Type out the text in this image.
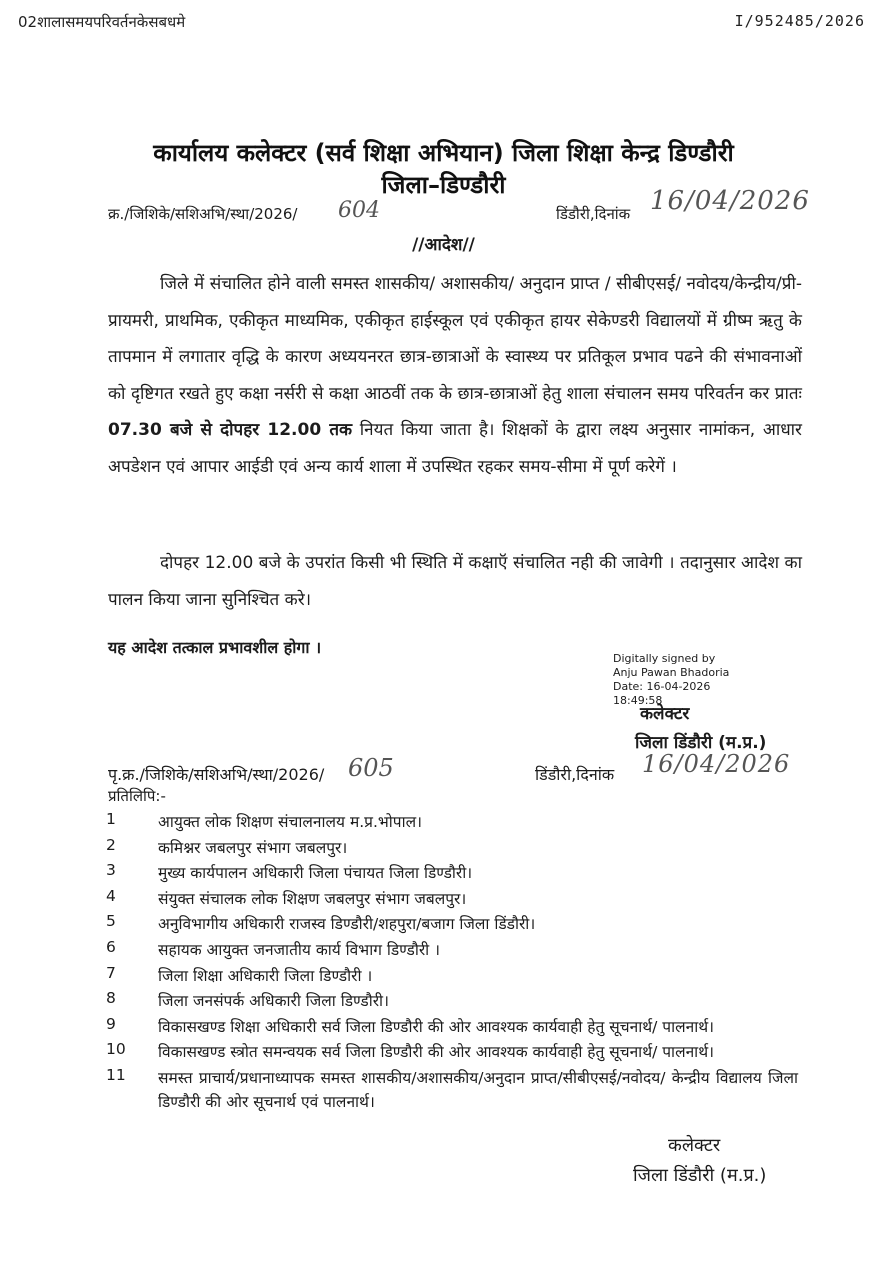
02शालासमयपरिवर्तनकेसबधमे	I/952485/2026
कार्यालय कलेक्टर (सर्व शिक्षा अभियान) जिला शिक्षा केन्द्र डिण्डौरी
जिला–डिण्डौरी
क्र./जिशिके/सशिअभि/स्था/2026/ 604	डिंडौरी,दिनांक 16/04/2026
//आदेश//
जिले में संचालित होने वाली समस्त शासकीय/ अशासकीय/ अनुदान प्राप्त / सीबीएसई/ नवोदय/केन्द्रीय/प्री-प्रायमरी, प्राथमिक, एकीकृत माध्यमिक, एकीकृत हाईस्कूल एवं एकीकृत हायर सेकेण्डरी विद्यालयों में ग्रीष्म ऋतु के तापमान में लगातार वृद्धि के कारण अध्ययनरत छात्र-छात्राओं के स्वास्थ्य पर प्रतिकूल प्रभाव पढने की संभावनाओं को दृष्टिगत रखते हुए कक्षा नर्सरी से कक्षा आठवीं तक के छात्र-छात्राओं हेतु शाला संचालन समय परिवर्तन कर प्रातः 07.30 बजे से दोपहर 12.00 तक नियत किया जाता है। शिक्षकों के द्वारा लक्ष्य अनुसार नामांकन, आधार अपडेशन एवं आपार आईडी एवं अन्य कार्य शाला में उपस्थित रहकर समय-सीमा में पूर्ण करेगें ।
दोपहर 12.00 बजे के उपरांत किसी भी स्थिति में कक्षाऍ संचालित नही की जावेगी । तदानुसार आदेश का पालन किया जाना सुनिश्चित करे।
यह आदेश तत्काल प्रभावशील होगा ।
Digitally signed by
Anju Pawan Bhadoria
Date: 16-04-2026
18:49:58
कलेक्टर
जिला डिंडौरी (म.प्र.)
पृ.क्र./जिशिके/सशिअभि/स्था/2026/ 605	डिंडौरी,दिनांक 16/04/2026
प्रतिलिपि:-
1	आयुक्त लोक शिक्षण संचालनालय म.प्र.भोपाल।
2	कमिश्नर जबलपुर संभाग जबलपुर।
3	मुख्य कार्यपालन अधिकारी जिला पंचायत जिला डिण्डौरी।
4	संयुक्त संचालक लोक शिक्षण जबलपुर संभाग जबलपुर।
5	अनुविभागीय अधिकारी राजस्व डिण्डौरी/शहपुरा/बजाग जिला डिंडौरी।
6	सहायक आयुक्त जनजातीय कार्य विभाग डिण्डौरी ।
7	जिला शिक्षा अधिकारी जिला डिण्डौरी ।
8	जिला जनसंपर्क अधिकारी जिला डिण्डौरी।
9	विकासखण्ड शिक्षा अधिकारी सर्व जिला डिण्डौरी की ओर आवश्यक कार्यवाही हेतु सूचनार्थ/ पालनार्थ।
10 विकासखण्ड स्त्रोत समन्वयक सर्व जिला डिण्डौरी की ओर आवश्यक कार्यवाही हेतु सूचनार्थ/ पालनार्थ।
11 समस्त प्राचार्य/प्रधानाध्यापक समस्त शासकीय/अशासकीय/अनुदान प्राप्त/सीबीएसई/नवोदय/ केन्द्रीय विद्यालय जिला डिण्डौरी की ओर सूचनार्थ एवं पालनार्थ।
कलेक्टर
जिला डिंडौरी (म.प्र.)
